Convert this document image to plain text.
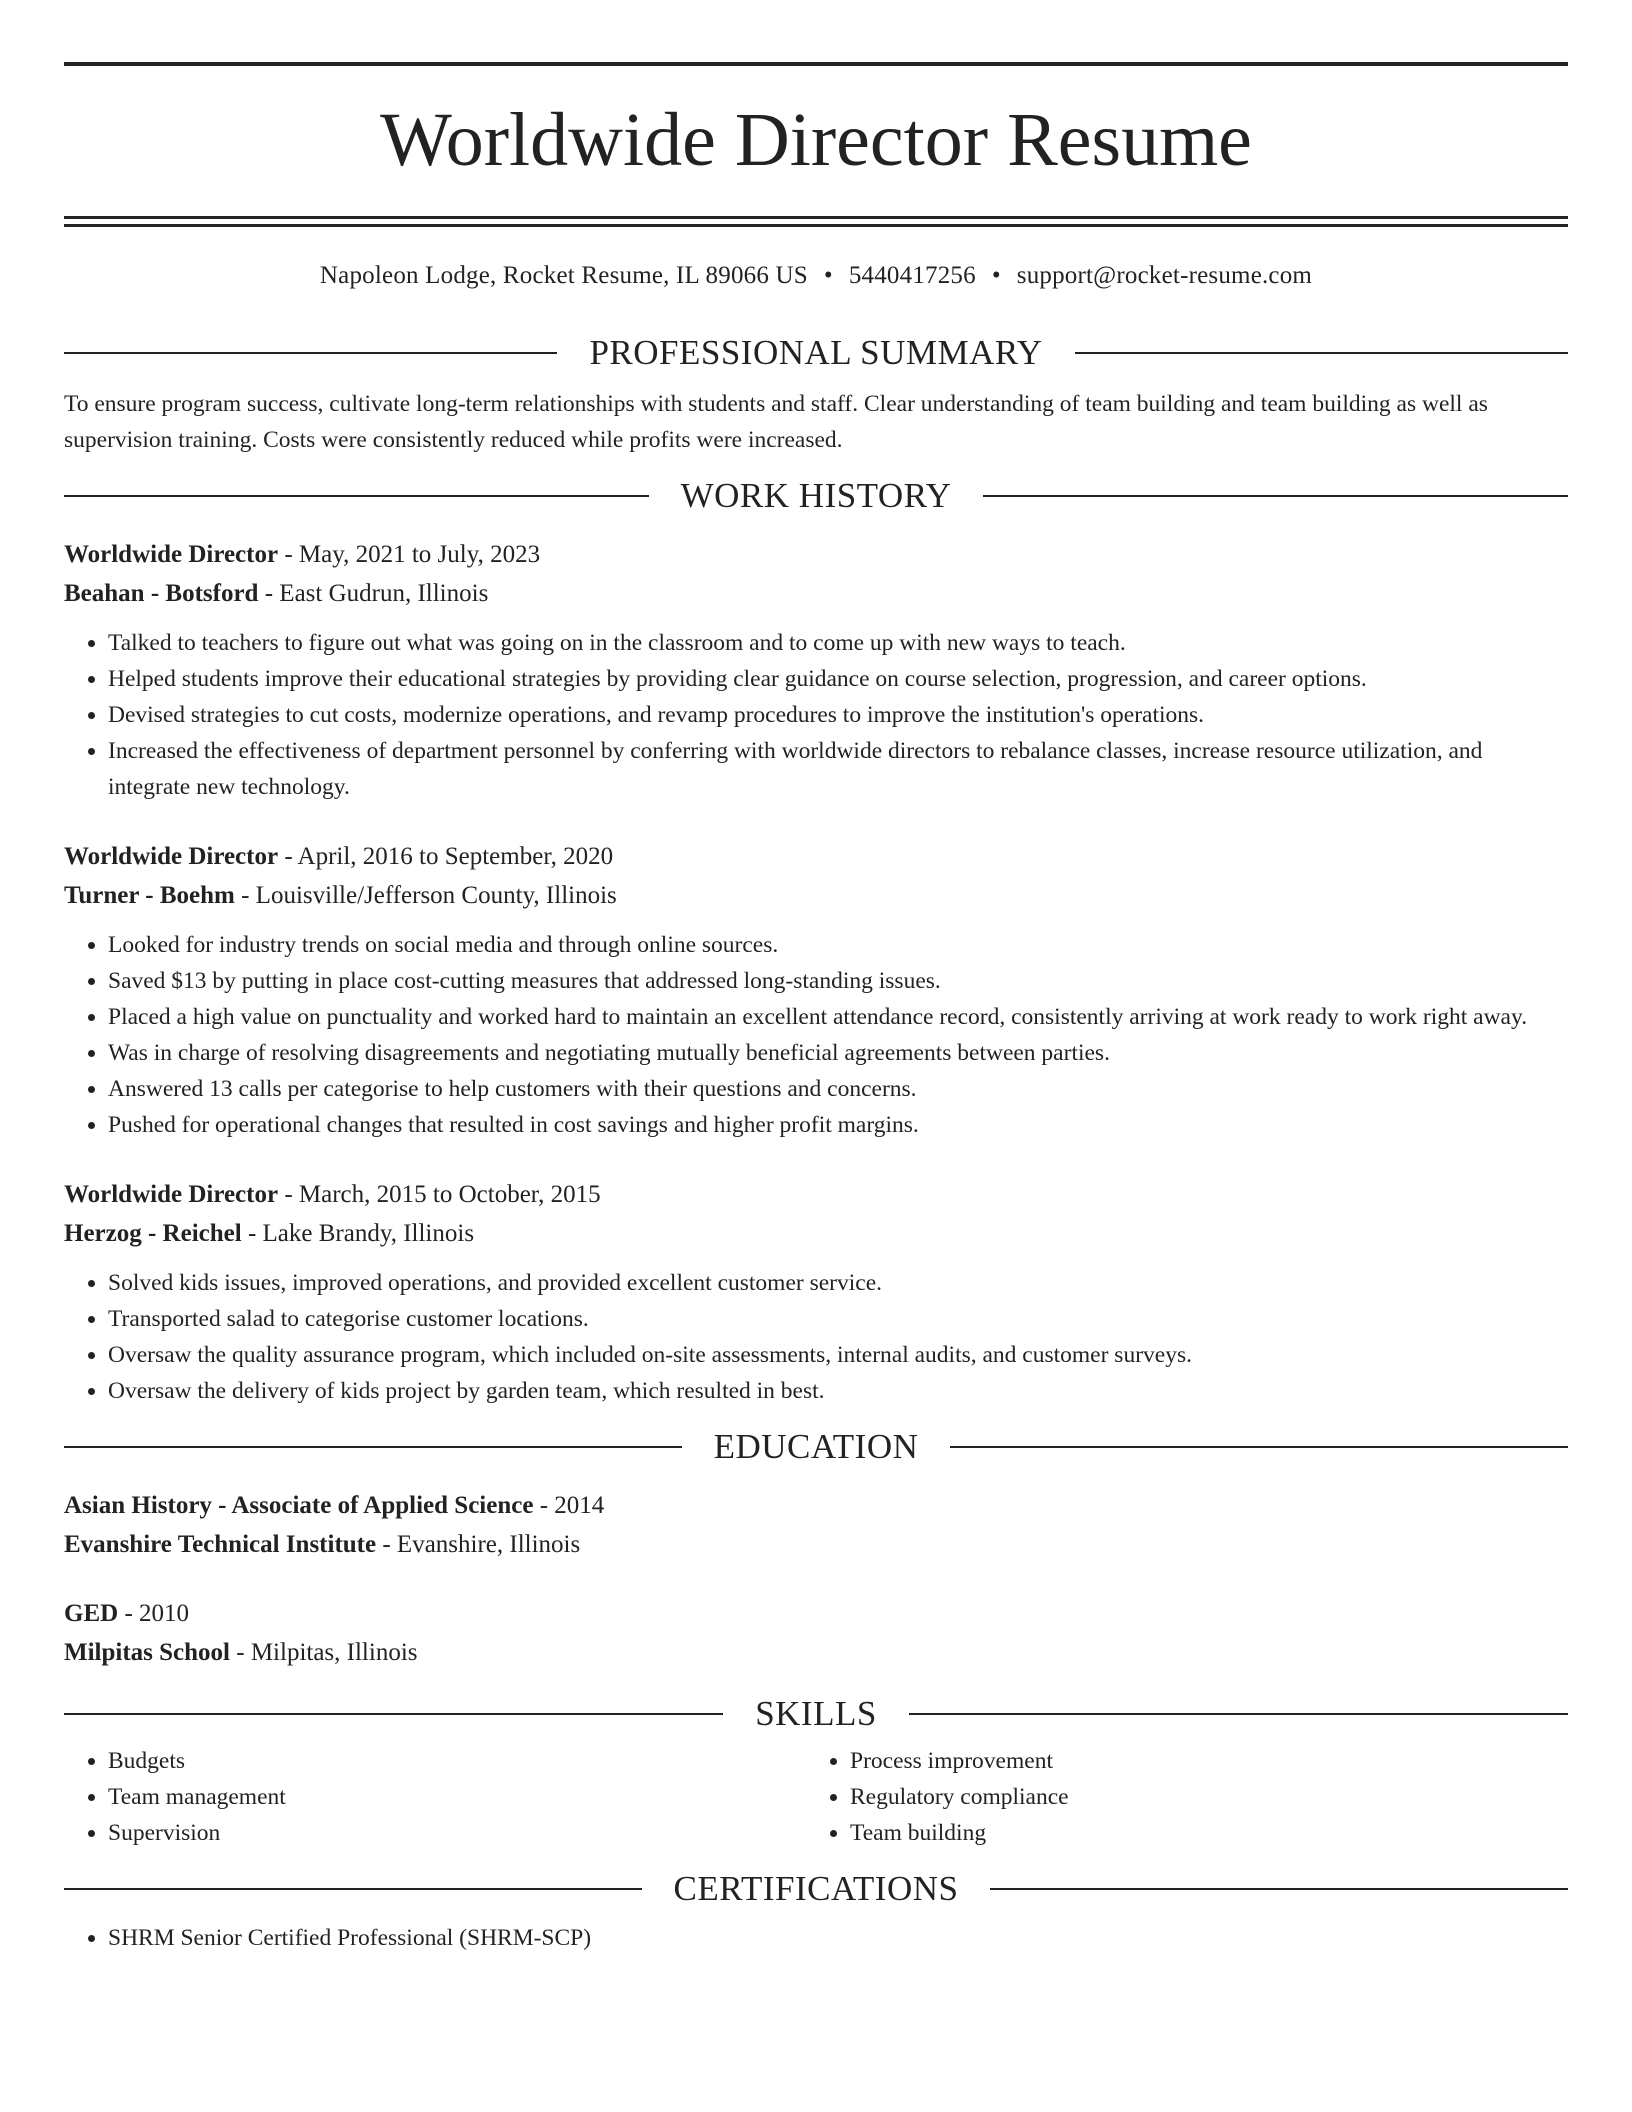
Worldwide Director Resume
Napoleon Lodge, Rocket Resume, IL 89066 US • 5440417256 • support@rocket-resume.com
PROFESSIONAL SUMMARY

To ensure program success, cultivate long-term relationships with students and staff. Clear understanding of team building and team building as well as supervision training. Costs were consistently reduced while profits were increased.

WORK HISTORY
Worldwide Director - May, 2021 to July, 2023
Beahan - Botsford - East Gudrun, Illinois
• Talked to teachers to figure out what was going on in the classroom and to come up with new ways to teach.
• Helped students improve their educational strategies by providing clear guidance on course selection, progression, and career options.
• Devised strategies to cut costs, modernize operations, and revamp procedures to improve the institution's operations.
• Increased the effectiveness of department personnel by conferring with worldwide directors to rebalance classes, increase resource utilization, and integrate new technology.
Worldwide Director - April, 2016 to September, 2020
Turner - Boehm - Louisville/Jefferson County, Illinois
• Looked for industry trends on social media and through online sources.
• Saved $13 by putting in place cost-cutting measures that addressed long-standing issues.
• Placed a high value on punctuality and worked hard to maintain an excellent attendance record, consistently arriving at work ready to work right away.
• Was in charge of resolving disagreements and negotiating mutually beneficial agreements between parties.
• Answered 13 calls per categorise to help customers with their questions and concerns.
• Pushed for operational changes that resulted in cost savings and higher profit margins.
Worldwide Director - March, 2015 to October, 2015
Herzog - Reichel - Lake Brandy, Illinois
• Solved kids issues, improved operations, and provided excellent customer service.
• Transported salad to categorise customer locations.
• Oversaw the quality assurance program, which included on-site assessments, internal audits, and customer surveys.
• Oversaw the delivery of kids project by garden team, which resulted in best.
EDUCATION
Asian History - Associate of Applied Science - 2014
Evanshire Technical Institute - Evanshire, Illinois
GED - 2010
Milpitas School - Milpitas, Illinois
SKILLS
• Budgets
• Team management
• Supervision
• Process improvement
• Regulatory compliance
• Team building
CERTIFICATIONS
• SHRM Senior Certified Professional (SHRM-SCP)
